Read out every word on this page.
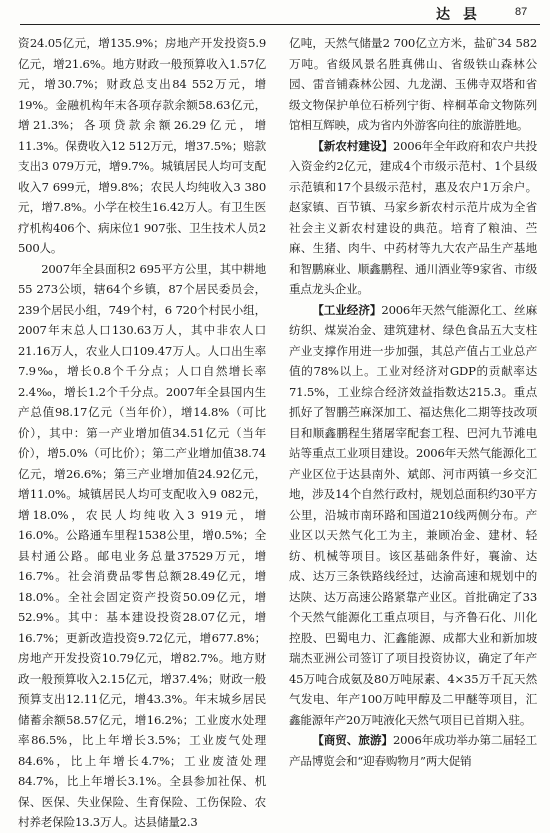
达 县	87

资24.05亿元，增135.9%；房地产开发投资5.9亿元，增21.6%。地方财政一般预算收入1.57亿元，增30.7%；财政总支出84 552万元，增19%。金融机构年末各项存款余额58.63亿元，增21.3%；各项贷款余额26.29亿元，增11.3%。保费收入12 512万元，增37.5%；赔款支出3 079万元，增9.7%。城镇居民人均可支配收入7 699元，增9.8%；农民人均纯收入3 380元，增7.8%。小学在校生16.42万人。有卫生医疗机构406个、病床位1 907张、卫生技术人员2 500人。

2007年全县面积2 695平方公里，其中耕地55 273公顷，辖64个乡镇，87个居民委员会，239个居民小组，749个村，6 720个村民小组，2007年末总人口130.63万人，其中非农人口21.16万人，农业人口109.47万人。人口出生率7.9‰，增长0.8个千分点；人口自然增长率2.4‰，增长1.2个千分点。2007年全县国内生产总值98.17亿元（当年价），增14.8%（可比价），其中：第一产业增加值34.51亿元（当年价），增5.0%（可比价）；第二产业增加值38.74亿元，增26.6%；第三产业增加值24.92亿元，增11.0%。城镇居民人均可支配收入9 082元，增18.0%，农民人均纯收入3 919元，增16.0%。公路通车里程1538公里，增0.5%；全县村通公路。邮电业务总量37529万元，增16.7%。社会消费品零售总额28.49亿元，增18.0%。全社会固定资产投资50.09亿元，增52.9%。其中：基本建设投资28.07亿元，增16.7%；更新改造投资9.72亿元，增677.8%；房地产开发投资10.79亿元，增82.7%。地方财政一般预算收入2.15亿元，增37.4%；财政一般预算支出12.11亿元，增43.3%。年末城乡居民储蓄余额58.57亿元，增16.2%；工业废水处理率86.5%，比上年增长3.5%；工业废气处理84.6%，比上年增长4.7%；工业废渣处理84.7%，比上年增长3.1%。全县参加社保、机保、医保、失业保险、生育保险、工伤保险、农村养老保险13.3万人。达县储量2.3

亿吨，天然气储量2 700亿立方米，盐矿34 582万吨。省级风景名胜真佛山、省级铁山森林公园、雷音铺森林公园、九龙湖、玉佛寺双塔和省级文物保护单位石桥列宁街、梓桐革命文物陈列馆相互辉映，成为省内外游客向往的旅游胜地。

【新农村建设】2006年全年政府和农户共投入资金约2亿元，建成4个市级示范村、1个县级示范镇和17个县级示范村，惠及农户1万余户。赵家镇、百节镇、马家乡新农村示范片成为全省社会主义新农村建设的典范。培育了粮油、苎麻、生猪、肉牛、中药材等九大农产品生产基地和智鹏麻业、顺鑫鹏程、通川酒业等9家省、市级重点龙头企业。

【工业经济】2006年天然气能源化工、丝麻纺织、煤炭冶金、建筑建材、绿色食品五大支柱产业支撑作用进一步加强，其总产值占工业总产值的78%以上。工业对经济对GDP的贡献率达71.5%，工业综合经济效益指数达215.3。重点抓好了智鹏苎麻深加工、福达焦化二期等技改项目和顺鑫鹏程生猪屠宰配套工程、巴河九节滩电站等重点工业项目建设。2006年天然气能源化工产业区位于达县南外、斌郎、河市两镇一乡交汇地，涉及14个自然行政村，规划总面积约30平方公里，沿城市南环路和国道210线两侧分布。产业区以天然气化工为主，兼顾冶金、建材、轻纺、机械等项目。该区基础条件好，襄渝、达成、达万三条铁路线经过，达渝高速和规划中的达陕、达万高速公路紧靠产业区。首批确定了33个天然气能源化工重点项目，与齐鲁石化、川化控股、巴蜀电力、汇鑫能源、成都大业和新加坡瑞杰亚洲公司签订了项目投资协议，确定了年产45万吨合成氨及80万吨尿素、4×35万千瓦天然气发电、年产100万吨甲醇及二甲醚等项目，汇鑫能源年产20万吨液化天然气项目已首期入驻。

【商贸、旅游】2006年成功举办第二届轻工产品博览会和“迎春购物月”两大促销
